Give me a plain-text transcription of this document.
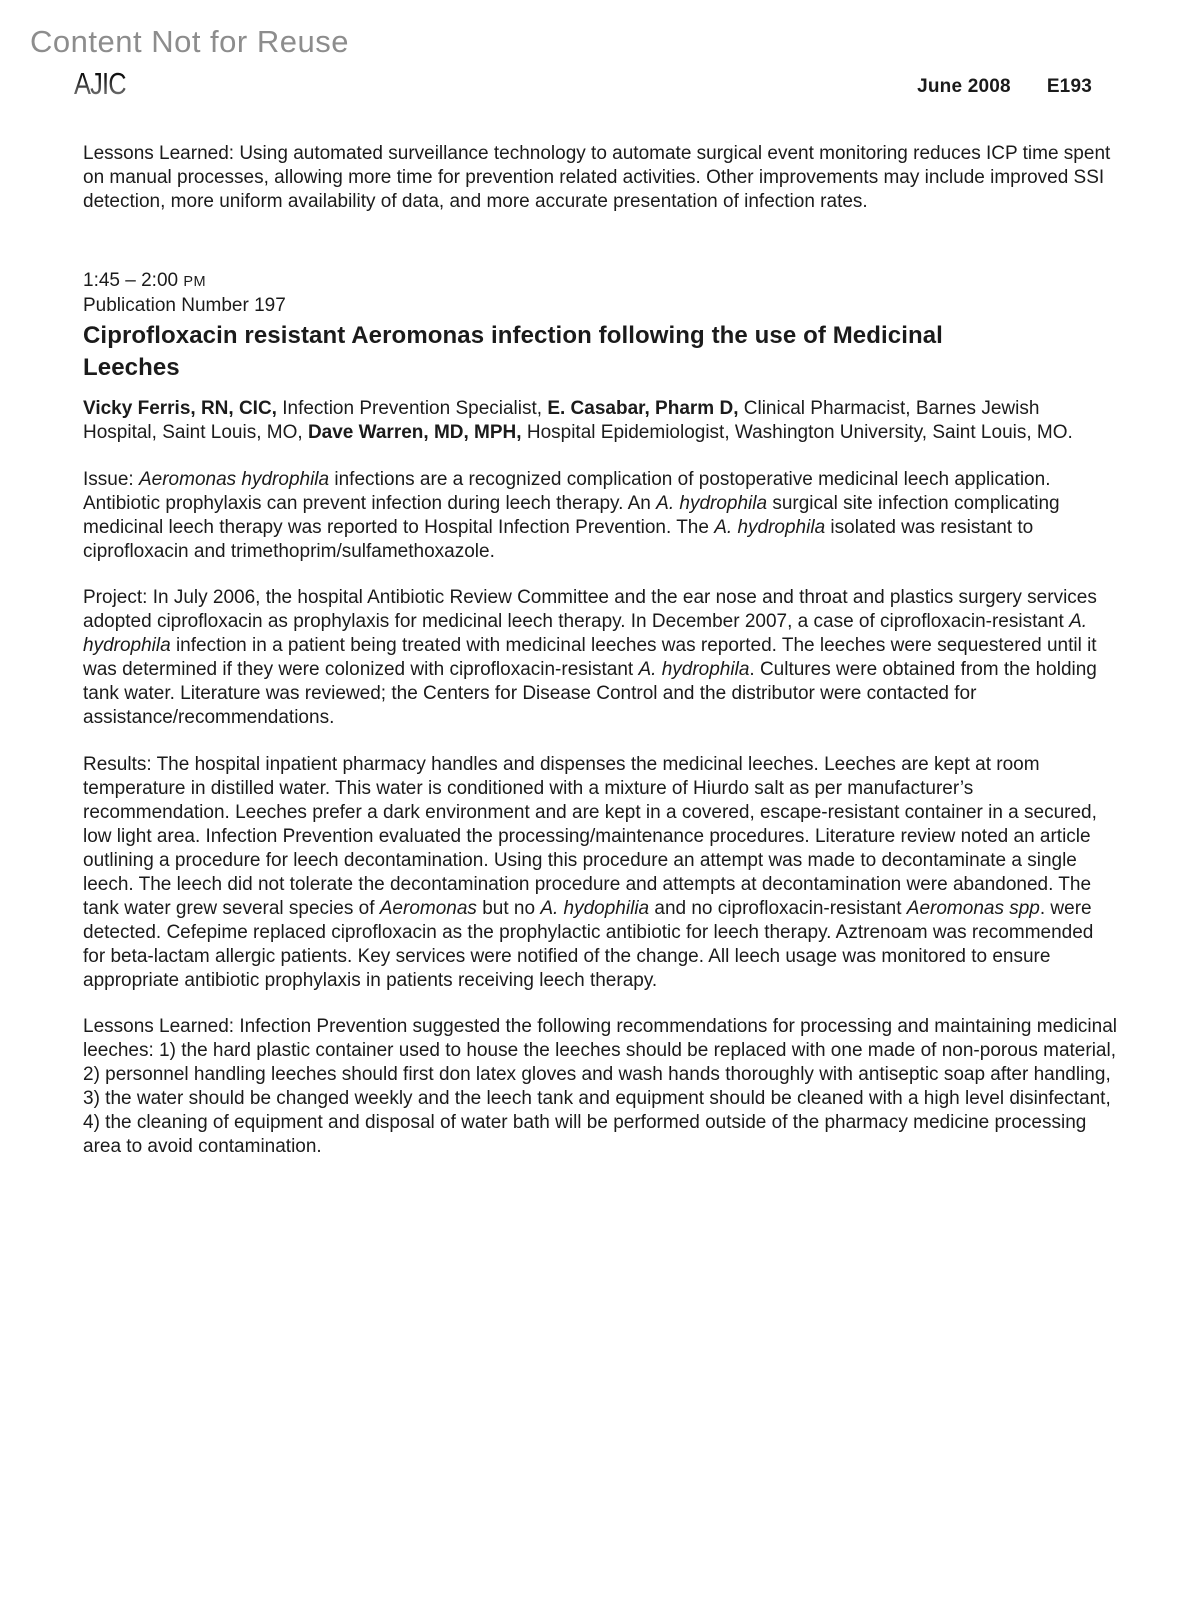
Content Not for Reuse
AJIC	June 2008 E193

Lessons Learned: Using automated surveillance technology to automate surgical event monitoring reduces ICP time spent on manual processes, allowing more time for prevention related activities. Other improvements may include improved SSI detection, more uniform availability of data, and more accurate presentation of infection rates.

1:45 – 2:00 PM
Publication Number 197
Ciprofloxacin resistant Aeromonas infection following the use of Medicinal Leeches

Vicky Ferris, RN, CIC, Infection Prevention Specialist, E. Casabar, Pharm D, Clinical Pharmacist, Barnes Jewish Hospital, Saint Louis, MO, Dave Warren, MD, MPH, Hospital Epidemiologist, Washington University, Saint Louis, MO.

Issue: Aeromonas hydrophila infections are a recognized complication of postoperative medicinal leech application. Antibiotic prophylaxis can prevent infection during leech therapy. An A. hydrophila surgical site infection complicating medicinal leech therapy was reported to Hospital Infection Prevention. The A. hydrophila isolated was resistant to ciprofloxacin and trimethoprim/sulfamethoxazole.

Project: In July 2006, the hospital Antibiotic Review Committee and the ear nose and throat and plastics surgery services adopted ciprofloxacin as prophylaxis for medicinal leech therapy. In December 2007, a case of ciprofloxacin-resistant A. hydrophila infection in a patient being treated with medicinal leeches was reported. The leeches were sequestered until it was determined if they were colonized with ciprofloxacin-resistant A. hydrophila. Cultures were obtained from the holding tank water. Literature was reviewed; the Centers for Disease Control and the distributor were contacted for assistance/recommendations.

Results: The hospital inpatient pharmacy handles and dispenses the medicinal leeches. Leeches are kept at room temperature in distilled water. This water is conditioned with a mixture of Hiurdo salt as per manufacturer’s recommendation. Leeches prefer a dark environment and are kept in a covered, escape-resistant container in a secured, low light area. Infection Prevention evaluated the processing/maintenance procedures. Literature review noted an article outlining a procedure for leech decontamination. Using this procedure an attempt was made to decontaminate a single leech. The leech did not tolerate the decontamination procedure and attempts at decontamination were abandoned. The tank water grew several species of Aeromonas but no A. hydophilia and no ciprofloxacin-resistant Aeromonas spp. were detected. Cefepime replaced ciprofloxacin as the prophylactic antibiotic for leech therapy. Aztrenoam was recommended for beta-lactam allergic patients. Key services were notified of the change. All leech usage was monitored to ensure appropriate antibiotic prophylaxis in patients receiving leech therapy.

Lessons Learned: Infection Prevention suggested the following recommendations for processing and maintaining medicinal leeches: 1) the hard plastic container used to house the leeches should be replaced with one made of non-porous material, 2) personnel handling leeches should first don latex gloves and wash hands thoroughly with antiseptic soap after handling, 3) the water should be changed weekly and the leech tank and equipment should be cleaned with a high level disinfectant, 4) the cleaning of equipment and disposal of water bath will be performed outside of the pharmacy medicine processing area to avoid contamination.
